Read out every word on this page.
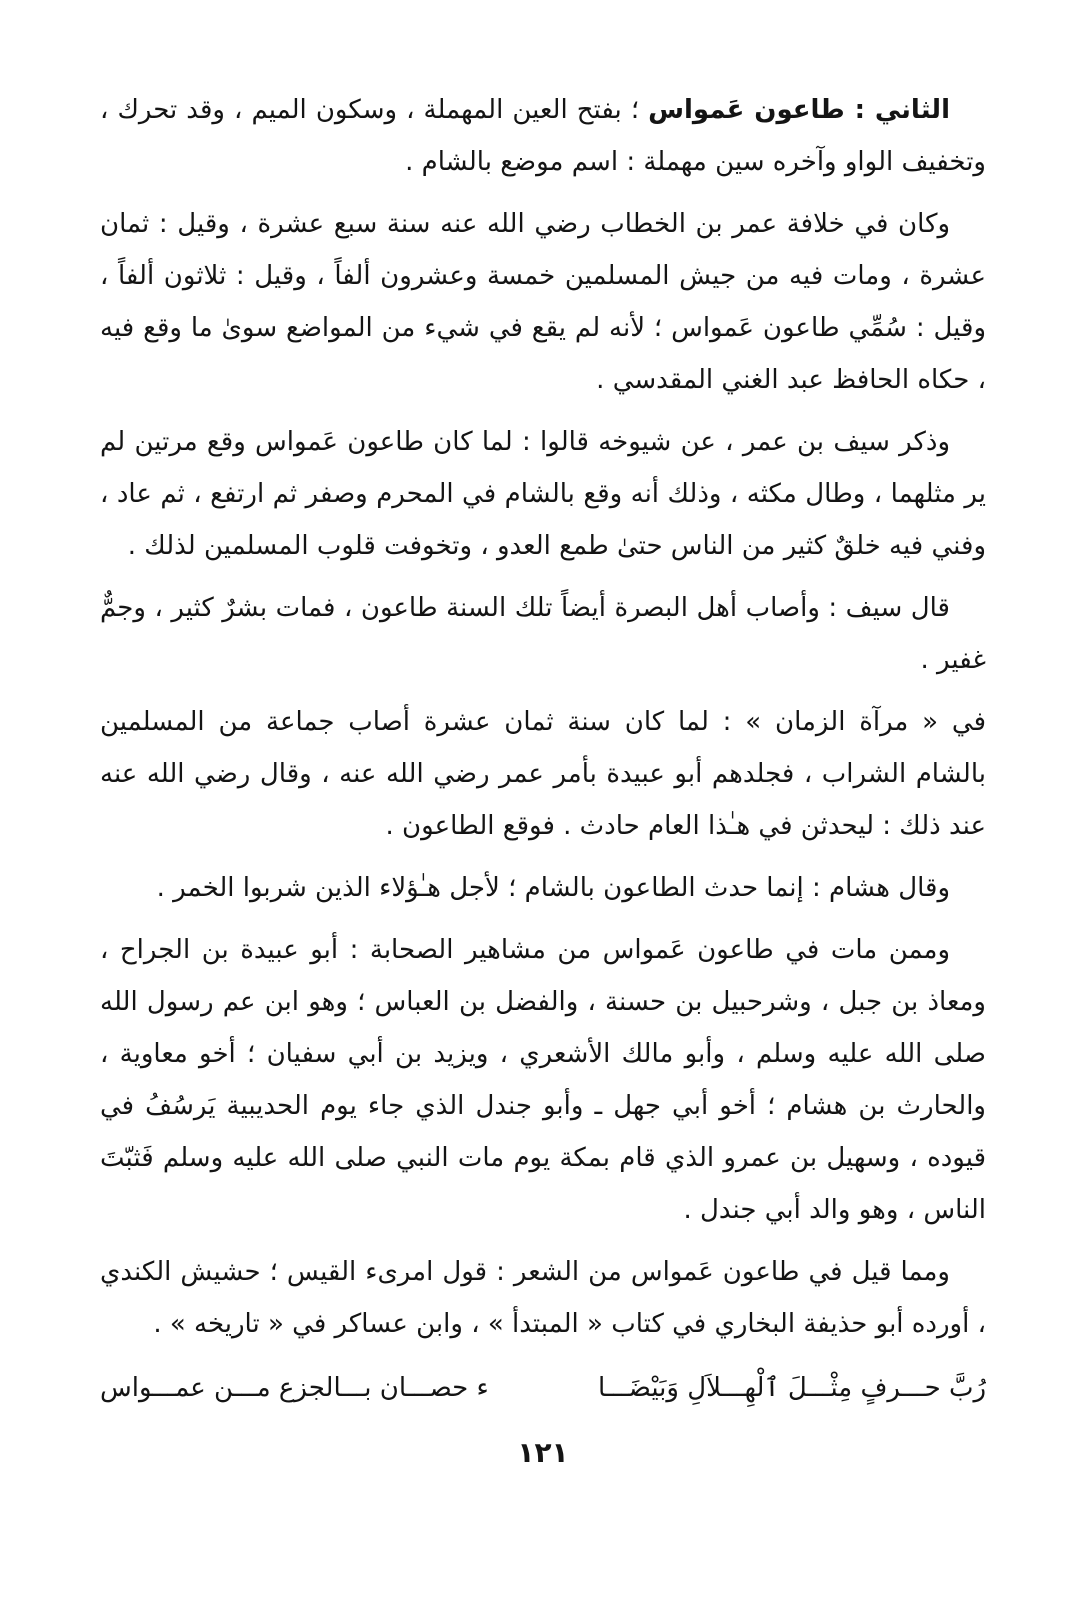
الثاني : طاعون عَمواس ؛ بفتح العين المهملة ، وسكون الميم ، وقد تحرك ، وتخفيف الواو وآخره سين مهملة : اسم موضع بالشام .

وكان في خلافة عمر بن الخطاب رضي الله عنه سنة سبع عشرة ، وقيل : ثمان عشرة ، ومات فيه من جيش المسلمين خمسة وعشرون ألفاً ، وقيل : ثلاثون ألفاً ، وقيل : سُمِّي طاعون عَمواس ؛ لأنه لم يقع في شيء من المواضع سوىٰ ما وقع فيه ، حكاه الحافظ عبد الغني المقدسي .

وذكر سيف بن عمر ، عن شيوخه قالوا : لما كان طاعون عَمواس وقع مرتين لم ير مثلهما ، وطال مكثه ، وذلك أنه وقع بالشام في المحرم وصفر ثم ارتفع ، ثم عاد ، وفني فيه خلقٌ كثير من الناس حتىٰ طمع العدو ، وتخوفت قلوب المسلمين لذلك .

قال سيف : وأصاب أهل البصرة أيضاً تلك السنة طاعون ، فمات بشرٌ كثير ، وجمٌّ غفير .

في « مرآة الزمان » : لما كان سنة ثمان عشرة أصاب جماعة من المسلمين بالشام الشراب ، فجلدهم أبو عبيدة بأمر عمر رضي الله عنه ، وقال رضي الله عنه عند ذلك : ليحدثن في هـٰذا العام حادث . فوقع الطاعون .

وقال هشام : إنما حدث الطاعون بالشام ؛ لأجل هـٰؤلاء الذين شربوا الخمر .

وممن مات في طاعون عَمواس من مشاهير الصحابة : أبو عبيدة بن الجراح ، ومعاذ بن جبل ، وشرحبيل بن حسنة ، والفضل بن العباس ؛ وهو ابن عم رسول الله صلى الله عليه وسلم ، وأبو مالك الأشعري ، ويزيد بن أبي سفيان ؛ أخو معاوية ، والحارث بن هشام ؛ أخو أبي جهل ـ وأبو جندل الذي جاء يوم الحديبية يَرسُفُ في قيوده ، وسهيل بن عمرو الذي قام بمكة يوم مات النبي صلى الله عليه وسلم فَثبّتَ الناس ، وهو والد أبي جندل .

ومما قيل في طاعون عَمواس من الشعر : قول امرىء القيس ؛ حشيش الكندي ، أورده أبو حذيفة البخاري في كتاب « المبتدأ » ، وابن عساكر في « تاريخه » .

رُبَّ حـــرفٍ مِثْـــلَ ٱلْهِـــلاَلِ وَبَيْضَـــا
ء حصـــان بـــالجزع مـــن عمـــواس
١٢١
